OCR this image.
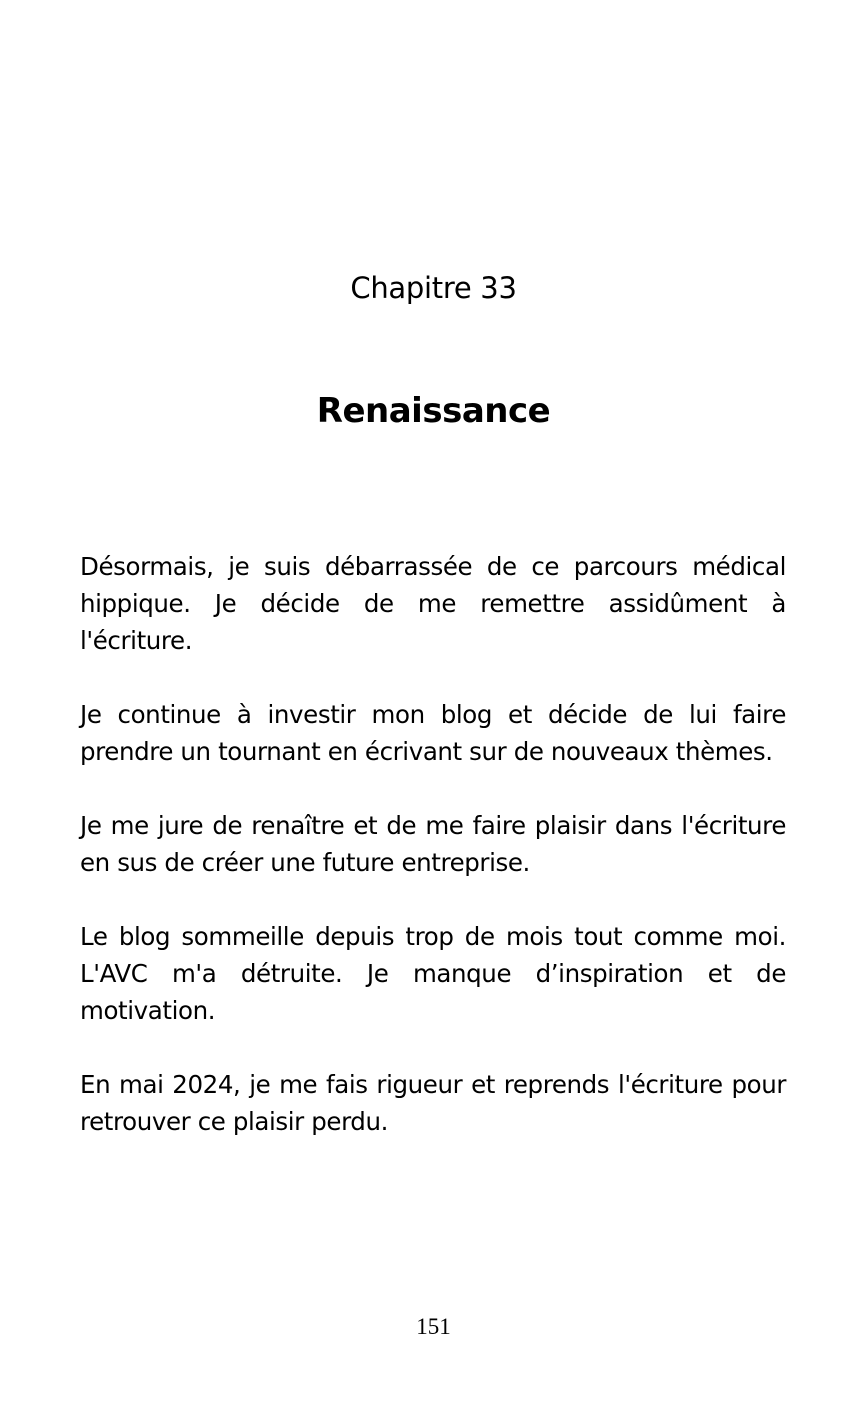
Chapitre 33
Renaissance

Désormais, je suis débarrassée de ce parcours médical hippique. Je décide de me remettre assidûment à l'écriture.

Je continue à investir mon blog et décide de lui faire prendre un tournant en écrivant sur de nouveaux thèmes.

Je me jure de renaître et de me faire plaisir dans l'écriture en sus de créer une future entreprise.

Le blog sommeille depuis trop de mois tout comme moi. L'AVC m'a détruite. Je manque d’inspiration et de motivation.

En mai 2024, je me fais rigueur et reprends l'écriture pour retrouver ce plaisir perdu.

151
